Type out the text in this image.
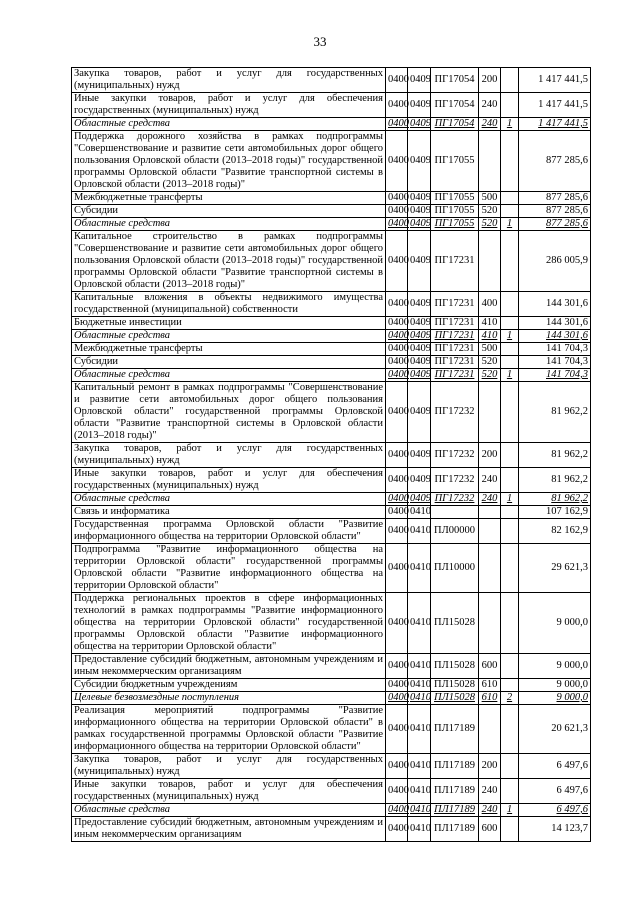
33
Закупка товаров, работ и услуг для государственных (муниципальных) нужд	0400	0409	ПГ17054	200		1 417 441,5
Иные закупки товаров, работ и услуг для обеспечения государственных (муниципальных) нужд	0400	0409	ПГ17054	240		1 417 441,5
Областные средства	0400	0409	ПГ17054	240	1	1 417 441,5
Поддержка дорожного хозяйства в рамках подпрограммы "Совершенствование и развитие сети автомобильных дорог общего пользования Орловской области (2013–2018 годы)" государственной программы Орловской области "Развитие транспортной системы в Орловской области (2013–2018 годы)"	0400	0409	ПГ17055			877 285,6
Межбюджетные трансферты	0400	0409	ПГ17055	500		877 285,6
Субсидии	0400	0409	ПГ17055	520		877 285,6
Областные средства	0400	0409	ПГ17055	520	1	877 285,6
Капитальное строительство в рамках подпрограммы "Совершенствование и развитие сети автомобильных дорог общего пользования Орловской области (2013–2018 годы)" государственной программы Орловской области "Развитие транспортной системы в Орловской области (2013–2018 годы)"	0400	0409	ПГ17231			286 005,9
Капитальные вложения в объекты недвижимого имущества государственной (муниципальной) собственности	0400	0409	ПГ17231	400		144 301,6
Бюджетные инвестиции	0400	0409	ПГ17231	410		144 301,6
Областные средства	0400	0409	ПГ17231	410	1	144 301,6
Межбюджетные трансферты	0400	0409	ПГ17231	500		141 704,3
Субсидии	0400	0409	ПГ17231	520		141 704,3
Областные средства	0400	0409	ПГ17231	520	1	141 704,3
Капитальный ремонт в рамках подпрограммы "Совершенствование и развитие сети автомобильных дорог общего пользования Орловской области" государственной программы Орловской области "Развитие транспортной системы в Орловской области (2013–2018 годы)"	0400	0409	ПГ17232			81 962,2
Закупка товаров, работ и услуг для государственных (муниципальных) нужд	0400	0409	ПГ17232	200		81 962,2
Иные закупки товаров, работ и услуг для обеспечения государственных (муниципальных) нужд	0400	0409	ПГ17232	240		81 962,2
Областные средства	0400	0409	ПГ17232	240	1	81 962,2
Связь и информатика	0400	0410				107 162,9
Государственная программа Орловской области "Развитие информационного общества на территории Орловской области"	0400	0410	ПЛ00000			82 162,9
Подпрограмма "Развитие информационного общества на территории Орловской области" государственной программы Орловской области "Развитие информационного общества на территории Орловской области"	0400	0410	ПЛ10000			29 621,3
Поддержка региональных проектов в сфере информационных технологий в рамках подпрограммы "Развитие информационного общества на территории Орловской области" государственной программы Орловской области "Развитие информационного общества на территории Орловской области"	0400	0410	ПЛ15028			9 000,0
Предоставление субсидий бюджетным, автономным учреждениям и иным некоммерческим организациям	0400	0410	ПЛ15028	600		9 000,0
Субсидии бюджетным учреждениям	0400	0410	ПЛ15028	610		9 000,0
Целевые безвозмездные поступления	0400	0410	ПЛ15028	610	2	9 000,0
Реализация мероприятий подпрограммы "Развитие информационного общества на территории Орловской области" в рамках государственной программы Орловской области "Развитие информационного общества на территории Орловской области"	0400	0410	ПЛ17189			20 621,3
Закупка товаров, работ и услуг для государственных (муниципальных) нужд	0400	0410	ПЛ17189	200		6 497,6
Иные закупки товаров, работ и услуг для обеспечения государственных (муниципальных) нужд	0400	0410	ПЛ17189	240		6 497,6
Областные средства	0400	0410	ПЛ17189	240	1	6 497,6
Предоставление субсидий бюджетным, автономным учреждениям и иным некоммерческим организациям	0400	0410	ПЛ17189	600		14 123,7
